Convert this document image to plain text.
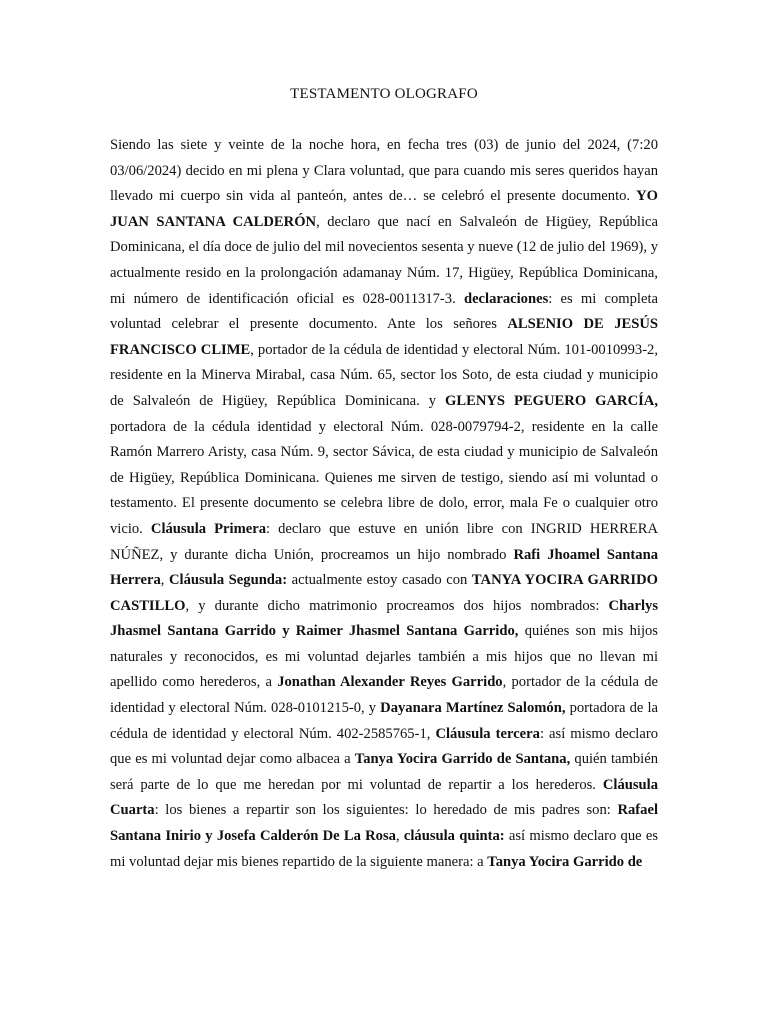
TESTAMENTO OLOGRAFO

Siendo las siete y veinte de la noche hora, en fecha tres (03) de junio del 2024, (7:20 03/06/2024) decido en mi plena y Clara voluntad, que para cuando mis seres queridos hayan llevado mi cuerpo sin vida al panteón, antes de… se celebró el presente documento. YO JUAN SANTANA CALDERÓN, declaro que nací en Salvaleón de Higüey, República Dominicana, el día doce de julio del mil novecientos sesenta y nueve (12 de julio del 1969), y actualmente resido en la prolongación adamanay Núm. 17, Higüey, República Dominicana, mi número de identificación oficial es 028-0011317-3. declaraciones: es mi completa voluntad celebrar el presente documento. Ante los señores ALSENIO DE JESÚS FRANCISCO CLIME, portador de la cédula de identidad y electoral Núm. 101-0010993-2, residente en la Minerva Mirabal, casa Núm. 65, sector los Soto, de esta ciudad y municipio de Salvaleón de Higüey, República Dominicana. y GLENYS PEGUERO GARCÍA, portadora de la cédula identidad y electoral Núm. 028-0079794-2, residente en la calle Ramón Marrero Aristy, casa Núm. 9, sector Sávica, de esta ciudad y municipio de Salvaleón de Higüey, República Dominicana. Quienes me sirven de testigo, siendo así mi voluntad o testamento. El presente documento se celebra libre de dolo, error, mala Fe o cualquier otro vicio. Cláusula Primera: declaro que estuve en unión libre con INGRID HERRERA NÚÑEZ, y durante dicha Unión, procreamos un hijo nombrado Rafi Jhoamel Santana Herrera, Cláusula Segunda: actualmente estoy casado con TANYA YOCIRA GARRIDO CASTILLO, y durante dicho matrimonio procreamos dos hijos nombrados: Charlys Jhasmel Santana Garrido y Raimer Jhasmel Santana Garrido, quiénes son mis hijos naturales y reconocidos, es mi voluntad dejarles también a mis hijos que no llevan mi apellido como herederos, a Jonathan Alexander Reyes Garrido, portador de la cédula de identidad y electoral Núm. 028-0101215-0, y Dayanara Martínez Salomón, portadora de la cédula de identidad y electoral Núm. 402-2585765-1, Cláusula tercera: así mismo declaro que es mi voluntad dejar como albacea a Tanya Yocira Garrido de Santana, quién también será parte de lo que me heredan por mi voluntad de repartir a los herederos. Cláusula Cuarta: los bienes a repartir son los siguientes: lo heredado de mis padres son: Rafael Santana Inirio y Josefa Calderón De La Rosa, cláusula quinta: así mismo declaro que es mi voluntad dejar mis bienes repartido de la siguiente manera: a Tanya Yocira Garrido de
